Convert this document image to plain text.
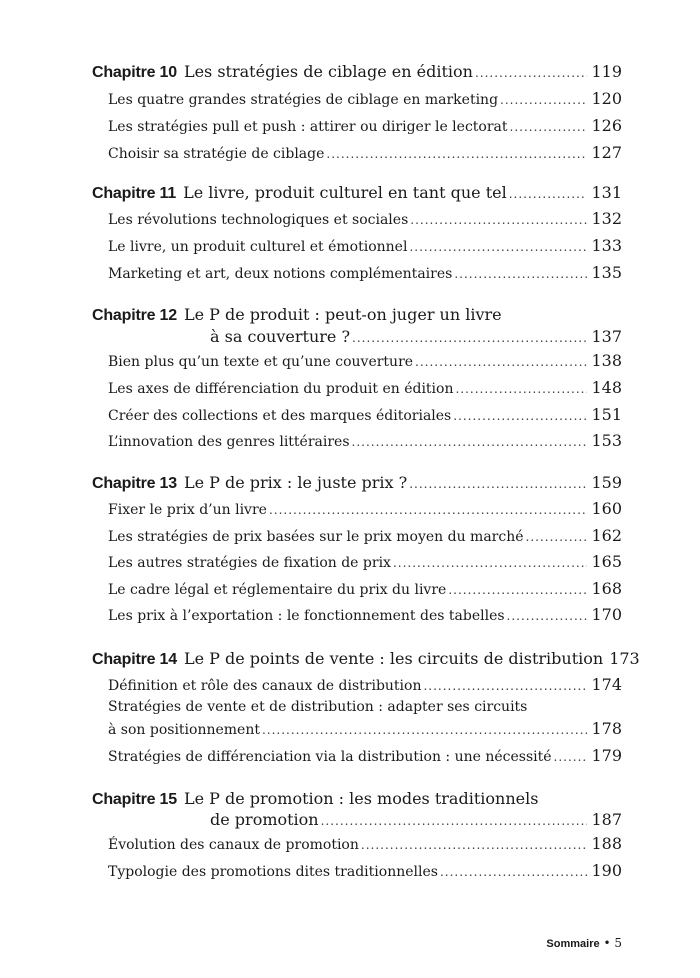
Chapitre 10 Les stratégies de ciblage en édition .....	119
Les quatre grandes stratégies de ciblage en marketing .....	120
Les stratégies pull et push : attirer ou diriger le lectorat .....	126
Choisir sa stratégie de ciblage .....	127
Chapitre 11 Le livre, produit culturel en tant que tel .....	131
Les révolutions technologiques et sociales .....	132
Le livre, un produit culturel et émotionnel .....	133
Marketing et art, deux notions complémentaires .....	135
Chapitre 12 Le P de produit : peut-on juger un livre
à sa couverture ? .....	137
Bien plus qu’un texte et qu’une couverture .....	138
Les axes de différenciation du produit en édition .....	148
Créer des collections et des marques éditoriales .....	151
L’innovation des genres littéraires .....	153
Chapitre 13 Le P de prix : le juste prix ? .....	159
Fixer le prix d’un livre .....	160
Les stratégies de prix basées sur le prix moyen du marché .....	162
Les autres stratégies de fixation de prix .....	165
Le cadre légal et réglementaire du prix du livre .....	168
Les prix à l’exportation : le fonctionnement des tabelles .....	170
Chapitre 14 Le P de points de vente : les circuits de distribution 173
Définition et rôle des canaux de distribution .....	174
Stratégies de vente et de distribution : adapter ses circuits
à son positionnement .....	178
Stratégies de différenciation via la distribution : une nécessité ..... 179
Chapitre 15 Le P de promotion : les modes traditionnels
de promotion .....	187
Évolution des canaux de promotion .....	188
Typologie des promotions dites traditionnelles .....	190
Sommaire • 5
